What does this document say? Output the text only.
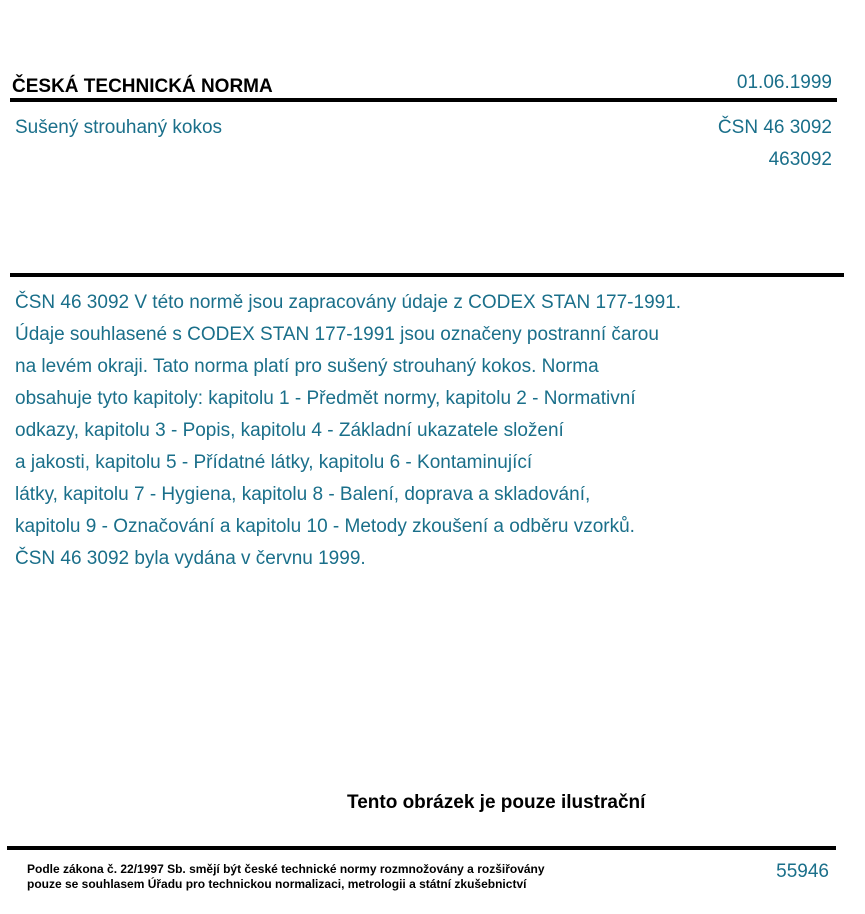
ČESKÁ TECHNICKÁ NORMA	01.06.1999
Sušený strouhaný kokos	ČSN 46 3092
463092
ČSN 46 3092 V této normě jsou zapracovány údaje z CODEX STAN 177-1991.
Údaje souhlasené s CODEX STAN 177-1991 jsou označeny postranní čarou
na levém okraji. Tato norma platí pro sušený strouhaný kokos. Norma
obsahuje tyto kapitoly: kapitolu 1 - Předmět normy, kapitolu 2 - Normativní
odkazy, kapitolu 3 - Popis, kapitolu 4 - Základní ukazatele složení
a jakosti, kapitolu 5 - Přídatné látky, kapitolu 6 - Kontaminující
látky, kapitolu 7 - Hygiena, kapitolu 8 - Balení, doprava a skladování,
kapitolu 9 - Označování a kapitolu 10 - Metody zkoušení a odběru vzorků.
ČSN 46 3092 byla vydána v červnu 1999.
Tento obrázek je pouze ilustrační
Podle zákona č. 22/1997 Sb. smějí být české technické normy rozmnožovány a rozšiřovány
pouze se souhlasem Úřadu pro technickou normalizaci, metrologii a státní zkušebnictví
55946
